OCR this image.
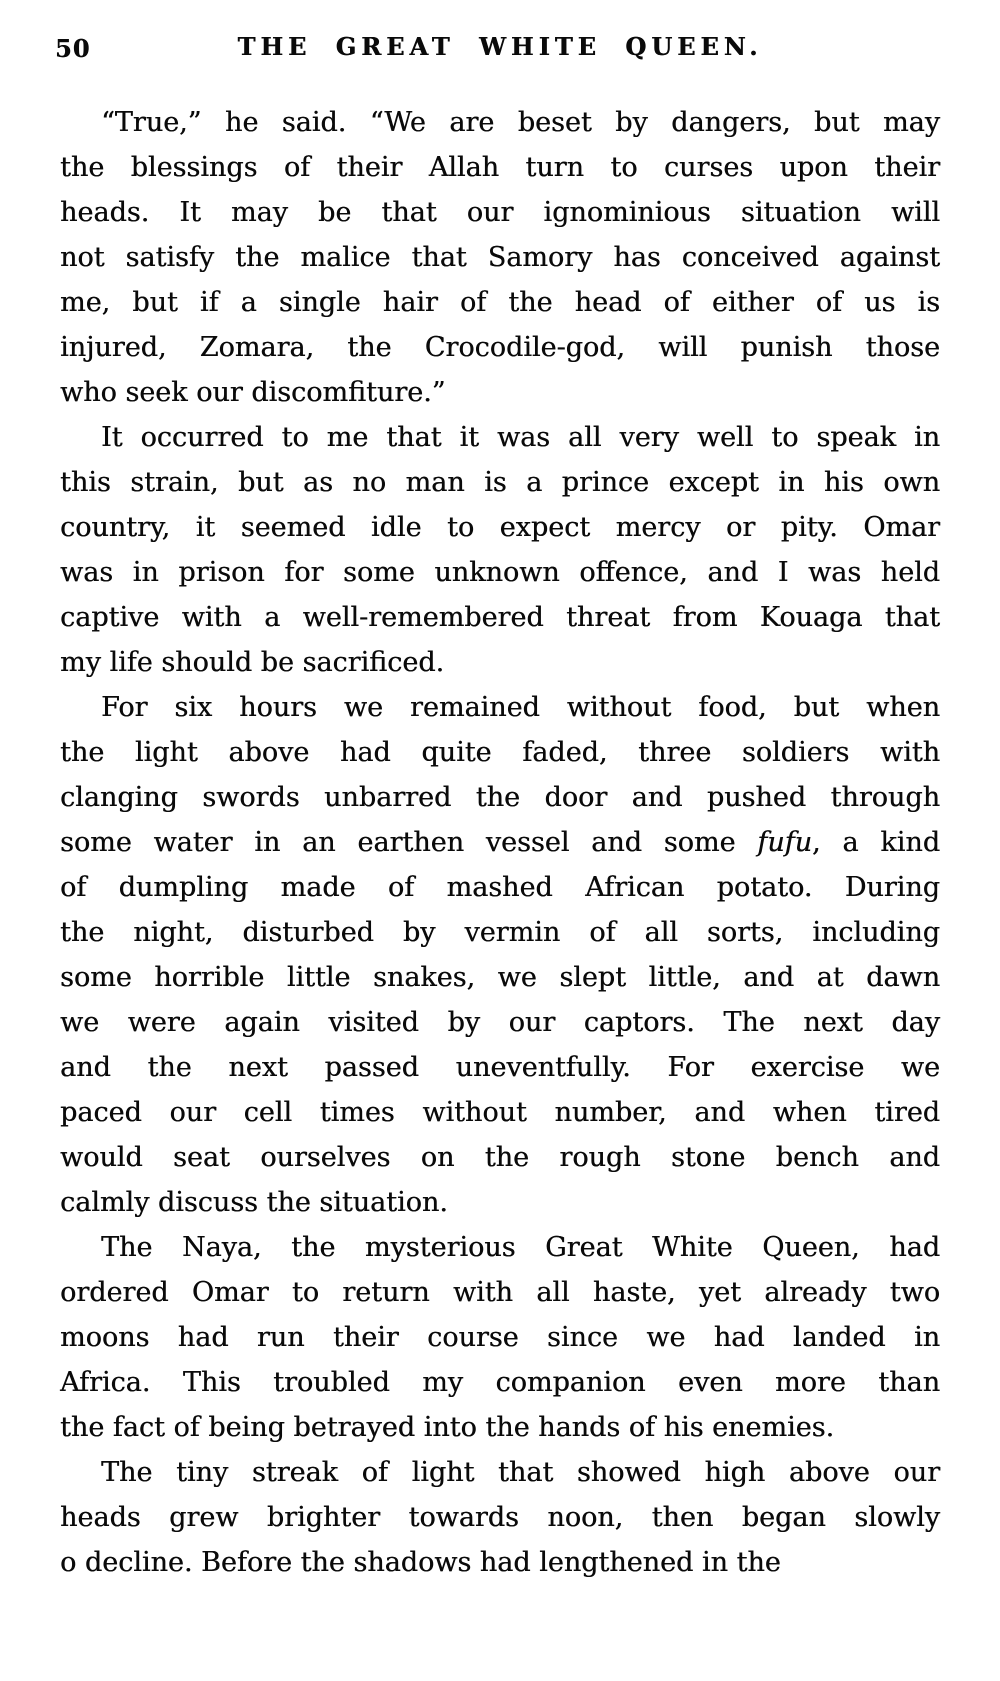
50	THE GREAT WHITE QUEEN.
“True,” he said. “We are beset by dangers, but may
the blessings of their Allah turn to curses upon their
heads. It may be that our ignominious situation will
not satisfy the malice that Samory has conceived against
me, but if a single hair of the head of either of us is
injured, Zomara, the Crocodile-god, will punish those
who seek our discomfiture.”
It occurred to me that it was all very well to speak in
this strain, but as no man is a prince except in his own
country, it seemed idle to expect mercy or pity. Omar
was in prison for some unknown offence, and I was held
captive with a well-remembered threat from Kouaga that
my life should be sacrificed.
For six hours we remained without food, but when
the light above had quite faded, three soldiers with
clanging swords unbarred the door and pushed through
some water in an earthen vessel and some fufu, a kind
of dumpling made of mashed African potato. During
the night, disturbed by vermin of all sorts, including
some horrible little snakes, we slept little, and at dawn
we were again visited by our captors. The next day
and the next passed uneventfully. For exercise we
paced our cell times without number, and when tired
would seat ourselves on the rough stone bench and
calmly discuss the situation.
The Naya, the mysterious Great White Queen, had
ordered Omar to return with all haste, yet already two
moons had run their course since we had landed in
Africa. This troubled my companion even more than
the fact of being betrayed into the hands of his enemies.
The tiny streak of light that showed high above our
heads grew brighter towards noon, then began slowly
o decline. Before the shadows had lengthened in the
